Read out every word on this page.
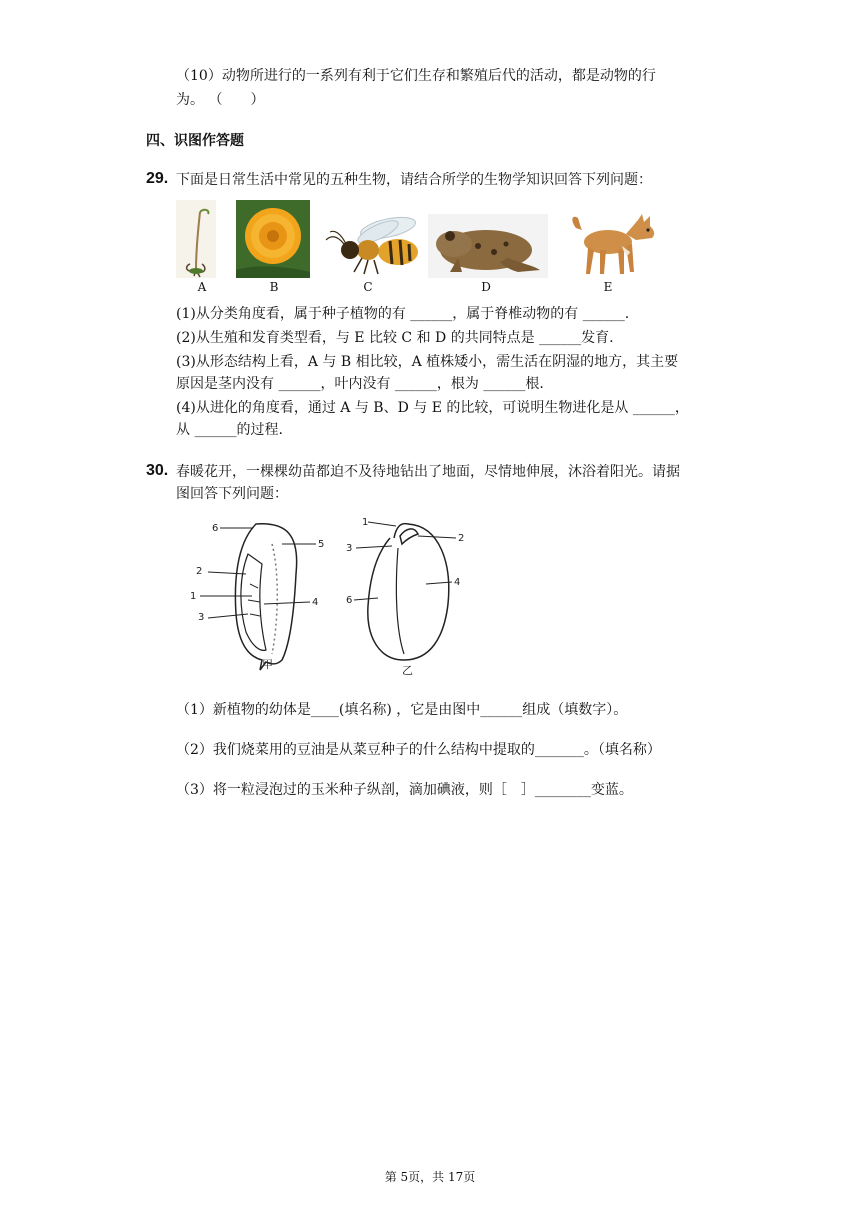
（10）动物所进行的一系列有利于它们生存和繁殖后代的活动，都是动物的行
为。 （　　）
四、识图作答题
29. 下面是日常生活中常见的五种生物，请结合所学的生物学知识回答下列问题：
A	B	C	D	E
(1)从分类角度看，属于种子植物的有 ______，属于脊椎动物的有 ______.
(2)从生殖和发育类型看，与 E 比较 C 和 D 的共同特点是 ______发育.
(3)从形态结构上看，A 与 B 相比较，A 植株矮小，需生活在阴湿的地方，其主要
原因是茎内没有 ______，叶内没有 ______，根为 ______根.
(4)从进化的角度看，通过 A 与 B、D 与 E 的比较，可说明生物进化是从 ______，
从 ______的过程.
30. 春暖花开，一棵棵幼苗都迫不及待地钻出了地面，尽情地伸展，沐浴着阳光。请据
图回答下列问题：
6
5
2
1
3
4
甲
1
2
3
4
6
乙
（1）新植物的幼体是____(填名称) ，它是由图中______组成（填数字）。
（2）我们烧菜用的豆油是从菜豆种子的什么结构中提取的_______。（填名称）
（3）将一粒浸泡过的玉米种子纵剖，滴加碘液，则［　］________变蓝。
第 5页，共 17页
